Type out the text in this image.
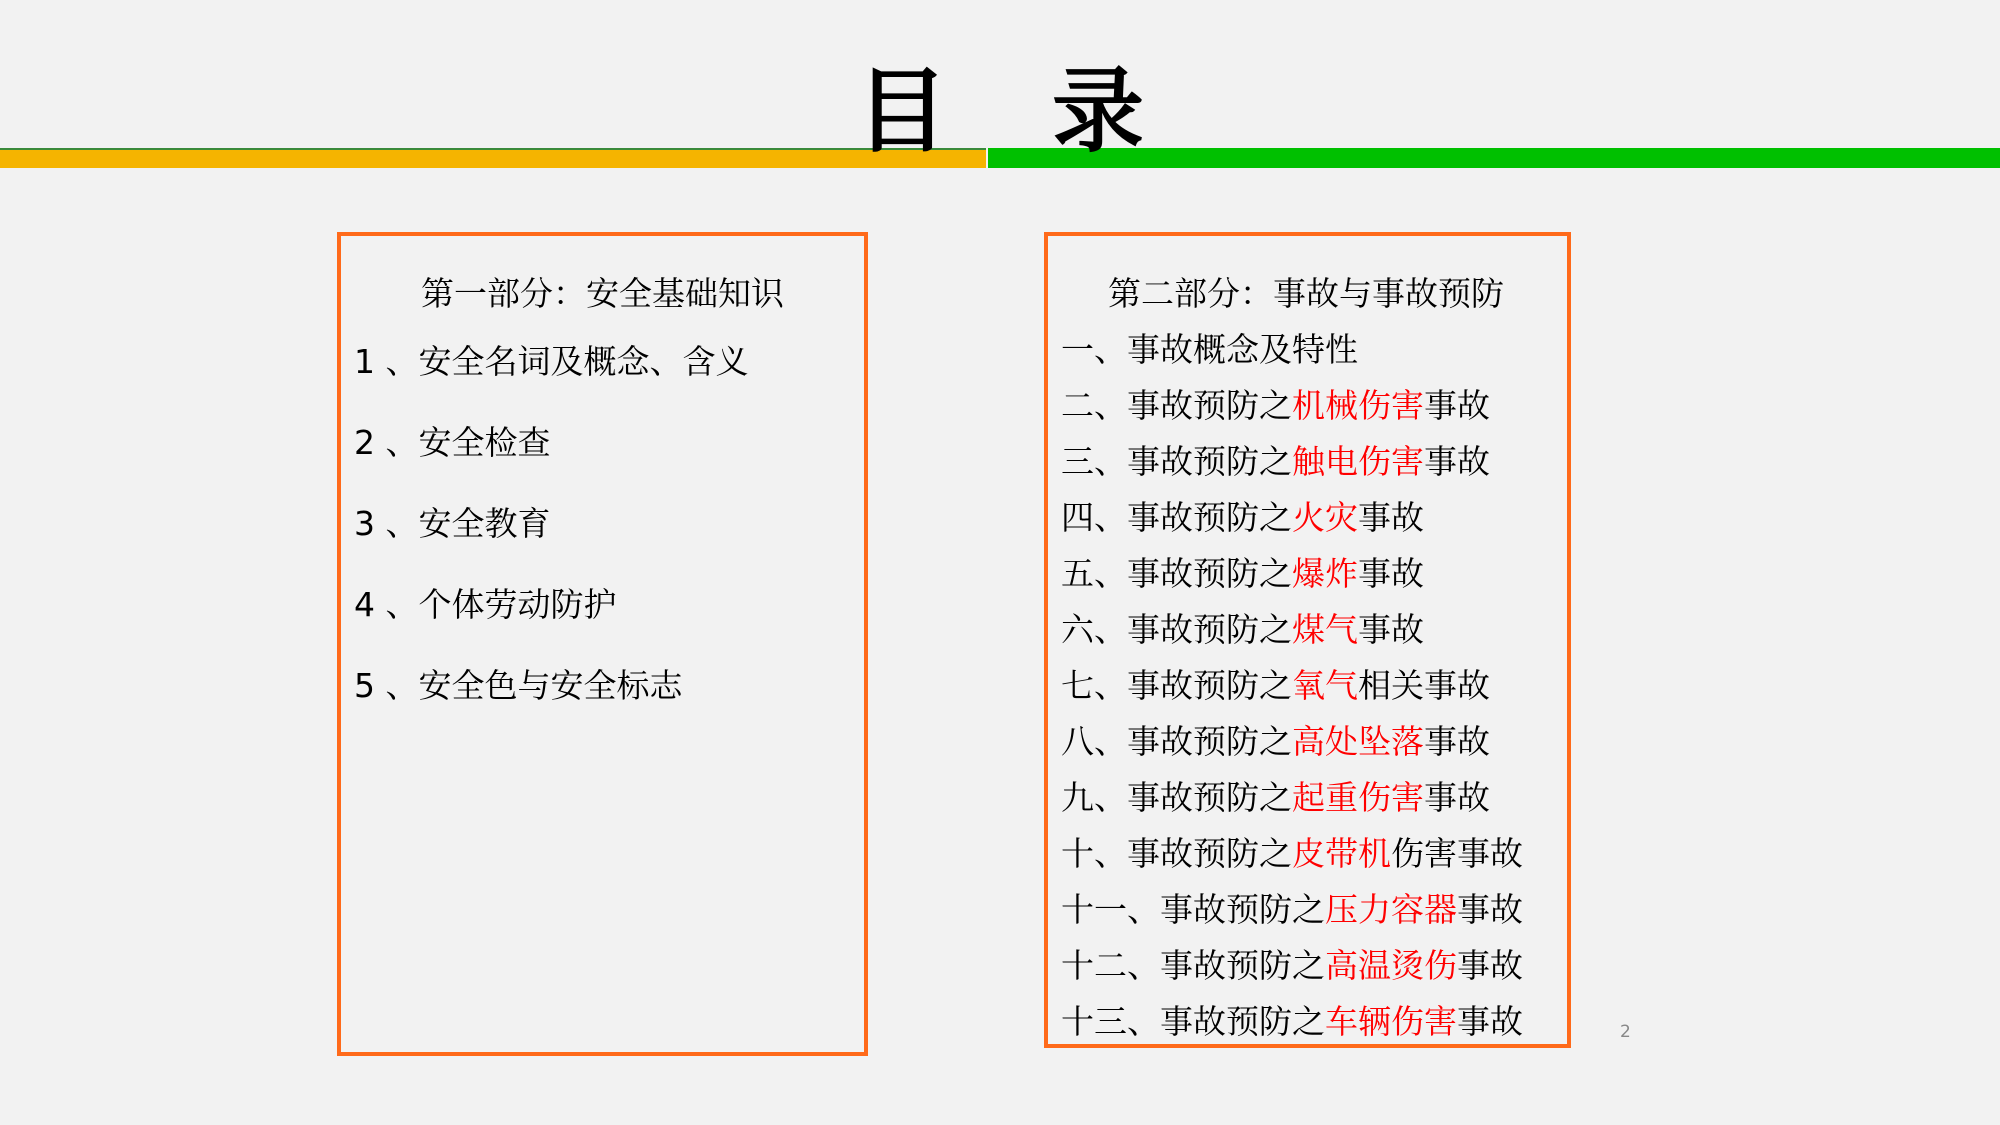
目 录
第一部分：安全基础知识
1 、安全名词及概念、含义
2 、安全检查
3 、安全教育
4 、个体劳动防护
5 、安全色与安全标志
第二部分：事故与事故预防
一、事故概念及特性
二、事故预防之机械伤害事故
三、事故预防之触电伤害事故
四、事故预防之火灾事故
五、事故预防之爆炸事故
六、事故预防之煤气事故
七、事故预防之氧气相关事故
八、事故预防之高处坠落事故
九、事故预防之起重伤害事故
十、事故预防之皮带机伤害事故
十一、事故预防之压力容器事故
十二、事故预防之高温烫伤事故
十三、事故预防之车辆伤害事故	2
